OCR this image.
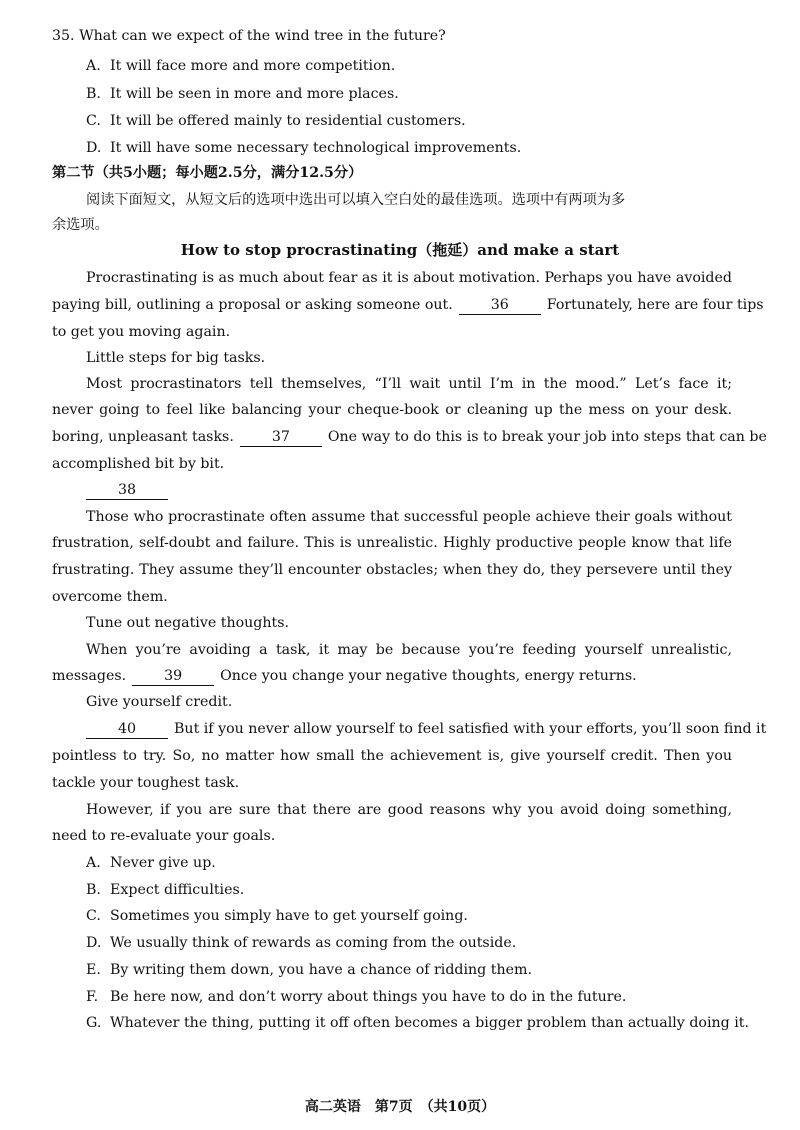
35. What can we expect of the wind tree in the future?
A. It will face more and more competition.
B. It will be seen in more and more places.
C. It will be offered mainly to residential customers.
D. It will have some necessary technological improvements.
第二节（共5小题；每小题2.5分，满分12.5分）
阅读下面短文，从短文后的选项中选出可以填入空白处的最佳选项。选项中有两项为多
余选项。
How to stop procrastinating（拖延）and make a start
Procrastinating is as much about fear as it is about motivation. Perhaps you have avoided
paying bill, outlining a proposal or asking someone out.	36	Fortunately, here are four tips
to get you moving again.
Little steps for big tasks.
Most procrastinators tell themselves, “I’ll wait until I’m in the mood.” Let’s face it;
never going to feel like balancing your cheque-book or cleaning up the mess on your desk.
boring, unpleasant tasks.	37	One way to do this is to break your job into steps that can be
accomplished bit by bit.
38
Those who procrastinate often assume that successful people achieve their goals without
frustration, self-doubt and failure. This is unrealistic. Highly productive people know that life
frustrating. They assume they’ll encounter obstacles; when they do, they persevere until they
overcome them.
Tune out negative thoughts.
When you’re avoiding a task, it may be because you’re feeding yourself unrealistic,
messages.	39	Once you change your negative thoughts, energy returns.
Give yourself credit.
40	But if you never allow yourself to feel satisfied with your efforts, you’ll soon find it
pointless to try. So, no matter how small the achievement is, give yourself credit. Then you
tackle your toughest task.
However, if you are sure that there are good reasons why you avoid doing something,
need to re-evaluate your goals.
A. Never give up.
B. Expect difficulties.
C. Sometimes you simply have to get yourself going.
D. We usually think of rewards as coming from the outside.
E. By writing them down, you have a chance of ridding them.
F. Be here now, and don’t worry about things you have to do in the future.
G. Whatever the thing, putting it off often becomes a bigger problem than actually doing it.
高二英语　第7页　（共10页）
